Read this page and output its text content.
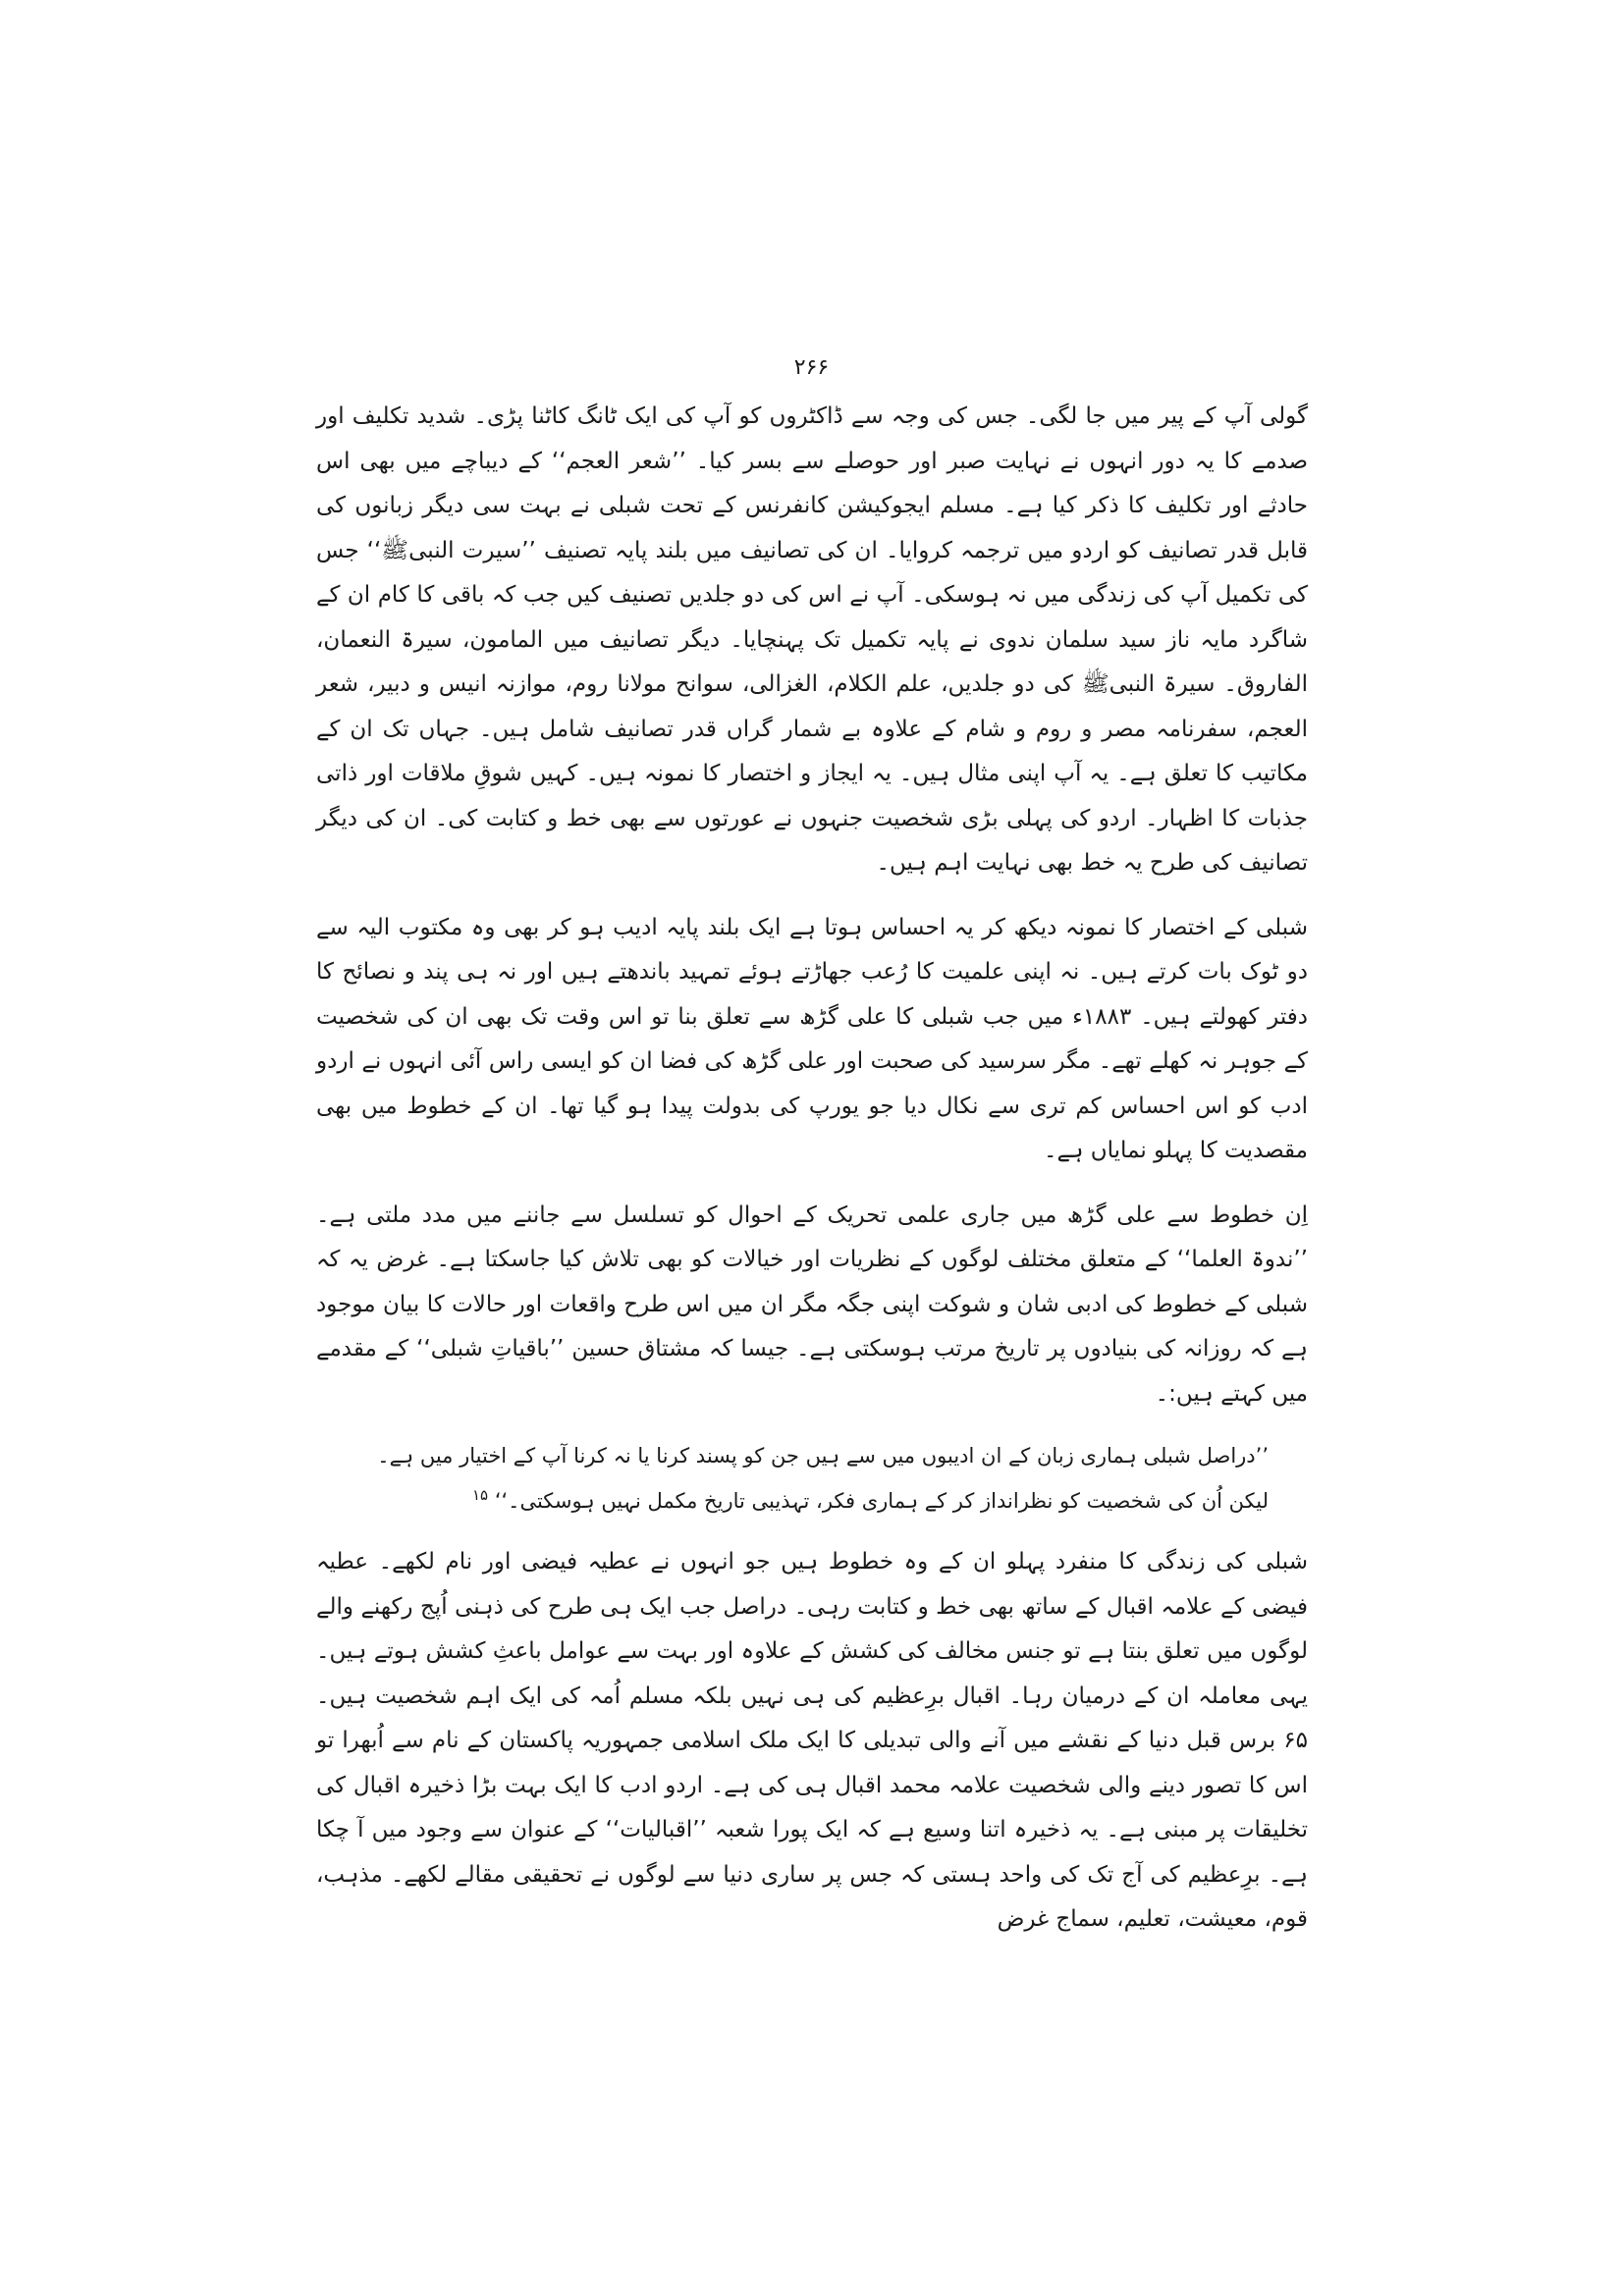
۲۶۶

گولی آپ کے پیر میں جا لگی۔ جس کی وجہ سے ڈاکٹروں کو آپ کی ایک ٹانگ کاٹنا پڑی۔ شدید تکلیف اور صدمے کا یہ دور انہوں نے نہایت صبر اور حوصلے سے بسر کیا۔ ’’شعر العجم‘‘ کے دیباچے میں بھی اس حادثے اور تکلیف کا ذکر کیا ہے۔ مسلم ایجوکیشن کانفرنس کے تحت شبلی نے بہت سی دیگر زبانوں کی قابل قدر تصانیف کو اردو میں ترجمہ کروایا۔ ان کی تصانیف میں بلند پایہ تصنیف ’’سیرت النبیﷺ‘‘ جس کی تکمیل آپ کی زندگی میں نہ ہوسکی۔ آپ نے اس کی دو جلدیں تصنیف کیں جب کہ باقی کا کام ان کے شاگرد مایہ ناز سید سلمان ندوی نے پایہ تکمیل تک پہنچایا۔ دیگر تصانیف میں المامون، سیرۃ النعمان، الفاروق۔ سیرۃ النبیﷺ کی دو جلدیں، علم الکلام، الغزالی، سوانح مولانا روم، موازنہ انیس و دبیر، شعر العجم، سفرنامہ مصر و روم و شام کے علاوہ بے شمار گراں قدر تصانیف شامل ہیں۔ جہاں تک ان کے مکاتیب کا تعلق ہے۔ یہ آپ اپنی مثال ہیں۔ یہ ایجاز و اختصار کا نمونہ ہیں۔ کہیں شوقِ ملاقات اور ذاتی جذبات کا اظہار۔ اردو کی پہلی بڑی شخصیت جنہوں نے عورتوں سے بھی خط و کتابت کی۔ ان کی دیگر تصانیف کی طرح یہ خط بھی نہایت اہم ہیں۔

شبلی کے اختصار کا نمونہ دیکھ کر یہ احساس ہوتا ہے ایک بلند پایہ ادیب ہو کر بھی وہ مکتوب الیہ سے دو ٹوک بات کرتے ہیں۔ نہ اپنی علمیت کا رُعب جھاڑتے ہوئے تمہید باندھتے ہیں اور نہ ہی پند و نصائح کا دفتر کھولتے ہیں۔ ۱۸۸۳ء میں جب شبلی کا علی گڑھ سے تعلق بنا تو اس وقت تک بھی ان کی شخصیت کے جوہر نہ کھلے تھے۔ مگر سرسید کی صحبت اور علی گڑھ کی فضا ان کو ایسی راس آئی انہوں نے اردو ادب کو اس احساس کم تری سے نکال دیا جو یورپ کی بدولت پیدا ہو گیا تھا۔ ان کے خطوط میں بھی مقصدیت کا پہلو نمایاں ہے۔

اِن خطوط سے علی گڑھ میں جاری علمی تحریک کے احوال کو تسلسل سے جاننے میں مدد ملتی ہے۔ ’’ندوۃ العلما‘‘ کے متعلق مختلف لوگوں کے نظریات اور خیالات کو بھی تلاش کیا جاسکتا ہے۔ غرض یہ کہ شبلی کے خطوط کی ادبی شان و شوکت اپنی جگہ مگر ان میں اس طرح واقعات اور حالات کا بیان موجود ہے کہ روزانہ کی بنیادوں پر تاریخ مرتب ہوسکتی ہے۔ جیسا کہ مشتاق حسین ’’باقیاتِ شبلی‘‘ کے مقدمے میں کہتے ہیں:۔

’’دراصل شبلی ہماری زبان کے ان ادیبوں میں سے ہیں جن کو پسند کرنا یا نہ کرنا آپ کے اختیار میں ہے۔
لیکن اُن کی شخصیت کو نظرانداز کر کے ہماری فکر، تہذیبی تاریخ مکمل نہیں ہوسکتی۔‘‘ $^{۱۵}$

شبلی کی زندگی کا منفرد پہلو ان کے وہ خطوط ہیں جو انہوں نے عطیہ فیضی اور نام لکھے۔ عطیہ فیضی کے علامہ اقبال کے ساتھ بھی خط و کتابت رہی۔ دراصل جب ایک ہی طرح کی ذہنی اُپج رکھنے والے لوگوں میں تعلق بنتا ہے تو جنس مخالف کی کشش کے علاوہ اور بہت سے عوامل باعثِ کشش ہوتے ہیں۔ یہی معاملہ ان کے درمیان رہا۔ اقبال برِعظیم کی ہی نہیں بلکہ مسلم اُمہ کی ایک اہم شخصیت ہیں۔ ۶۵ برس قبل دنیا کے نقشے میں آنے والی تبدیلی کا ایک ملک اسلامی جمہوریہ پاکستان کے نام سے اُبھرا تو اس کا تصور دینے والی شخصیت علامہ محمد اقبال ہی کی ہے۔ اردو ادب کا ایک بہت بڑا ذخیرہ اقبال کی تخلیقات پر مبنی ہے۔ یہ ذخیرہ اتنا وسیع ہے کہ ایک پورا شعبہ ’’اقبالیات‘‘ کے عنوان سے وجود میں آ چکا ہے۔ برِعظیم کی آج تک کی واحد ہستی کہ جس پر ساری دنیا سے لوگوں نے تحقیقی مقالے لکھے۔ مذہب، قوم، معیشت، تعلیم، سماج غرض
